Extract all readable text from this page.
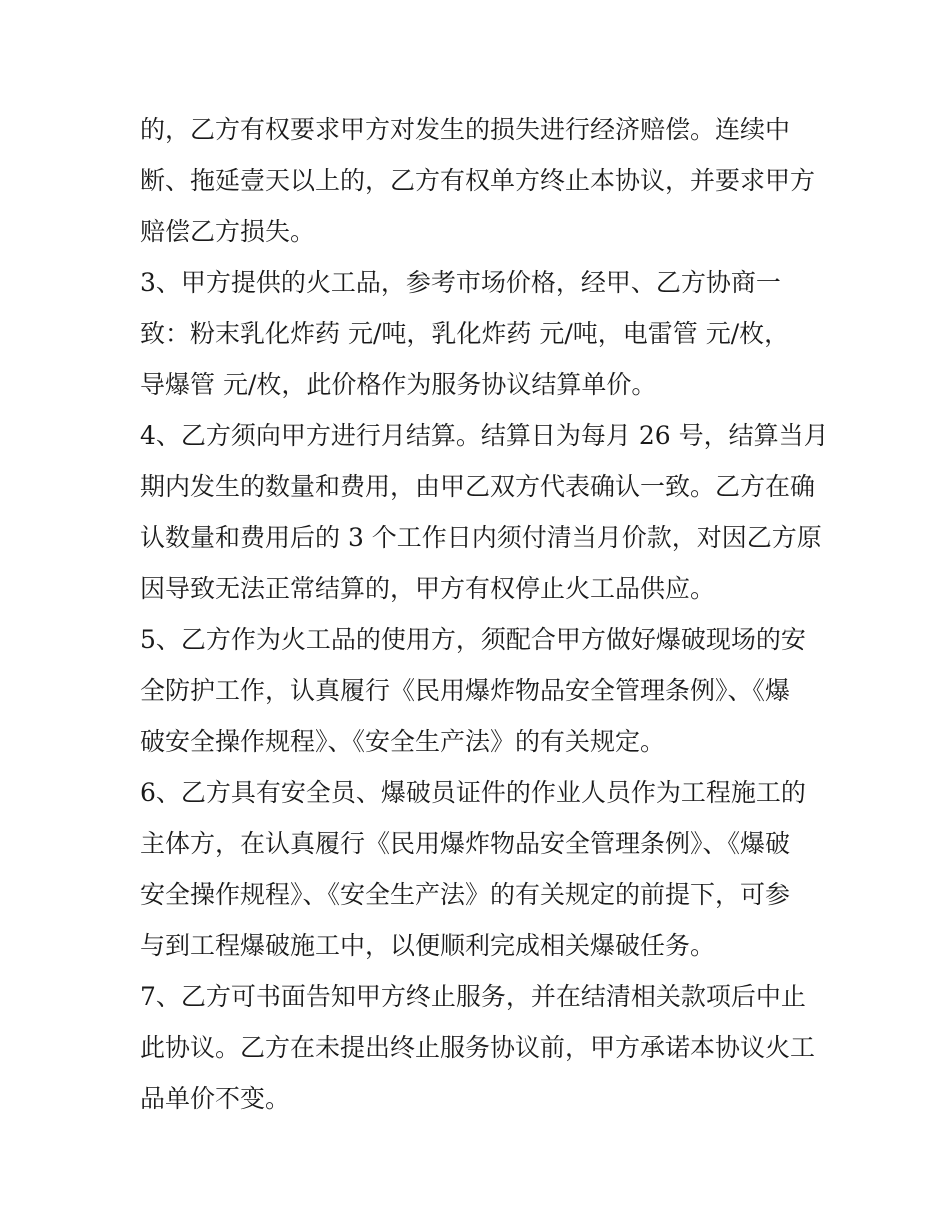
的，乙方有权要求甲方对发生的损失进行经济赔偿。连续中
断、拖延壹天以上的，乙方有权单方终止本协议，并要求甲方
赔偿乙方损失。
3、甲方提供的火工品，参考市场价格，经甲、乙方协商一
致：粉末乳化炸药 元/吨，乳化炸药 元/吨，电雷管 元/枚，
导爆管 元/枚，此价格作为服务协议结算单价。
4、乙方须向甲方进行月结算。结算日为每月 26 号，结算当月
期内发生的数量和费用，由甲乙双方代表确认一致。乙方在确
认数量和费用后的 3 个工作日内须付清当月价款，对因乙方原
因导致无法正常结算的，甲方有权停止火工品供应。
5、乙方作为火工品的使用方，须配合甲方做好爆破现场的安
全防护工作，认真履行《民用爆炸物品安全管理条例》、《爆
破安全操作规程》、《安全生产法》的有关规定。
6、乙方具有安全员、爆破员证件的作业人员作为工程施工的
主体方，在认真履行《民用爆炸物品安全管理条例》、《爆破
安全操作规程》、《安全生产法》的有关规定的前提下，可参
与到工程爆破施工中，以便顺利完成相关爆破任务。
7、乙方可书面告知甲方终止服务，并在结清相关款项后中止
此协议。乙方在未提出终止服务协议前，甲方承诺本协议火工
品单价不变。
